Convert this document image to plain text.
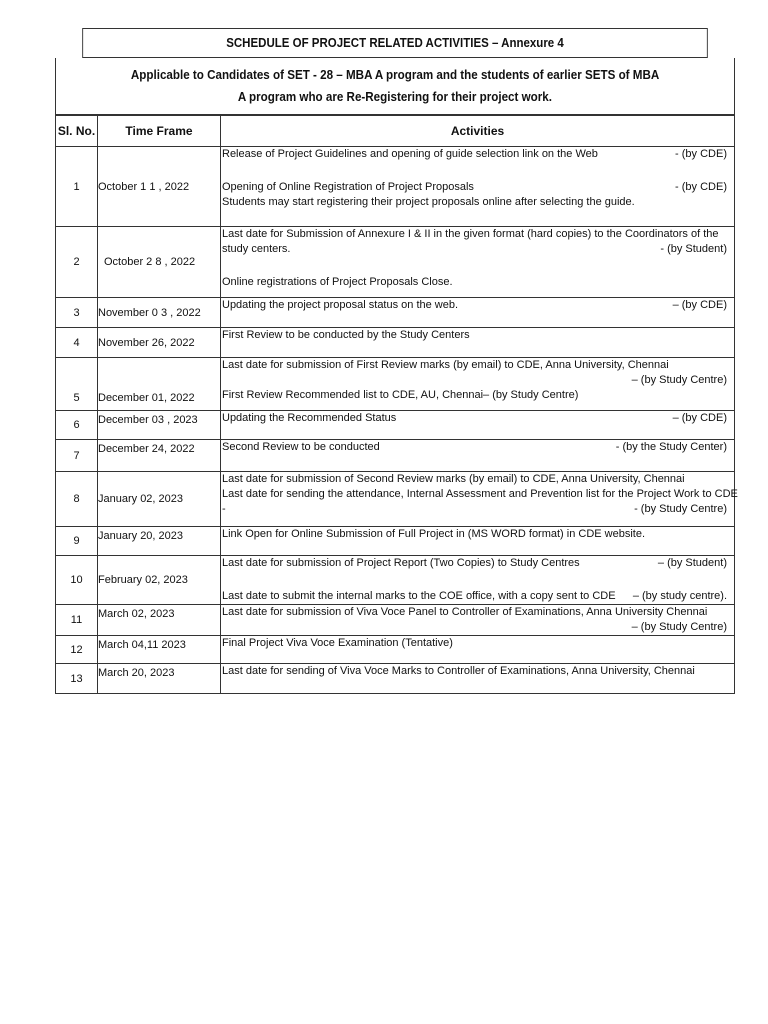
SCHEDULE OF PROJECT RELATED ACTIVITIES – Annexure 4
Applicable to Candidates of SET - 28 – MBA A program and the students of earlier SETS of MBA
A program who are Re-Registering for their project work.
Sl. No.	Time Frame	Activities
1	October 1 1 , 2022	Release of Project Guidelines and opening of guide selection link on the Web - (by CDE)
Opening of Online Registration of Project Proposals - (by CDE)
Students may start registering their project proposals online after selecting the guide.

2	October 2 8 , 2022	Last date for Submission of Annexure I & II in the given format (hard copies) to the Coordinators of the
study centers. - (by Student)
Online registrations of Project Proposals Close.

3	November 0 3 , 2022	Updating the project proposal status on the web. – (by CDE)

4	November 26, 2022	First Review to be conducted by the Study Centers

5	December 01, 2022	Last date for submission of First Review marks (by email) to CDE, Anna University, Chennai
– (by Study Centre)
First Review Recommended list to CDE, AU, Chennai– (by Study Centre)

6	December 03 , 2023	Updating the Recommended Status – (by CDE)

7	December 24, 2022	Second Review to be conducted - (by the Study Center)

8	January 02, 2023	Last date for submission of Second Review marks (by email) to CDE, Anna University, Chennai
Last date for sending the attendance, Internal Assessment and Prevention list for the Project Work to CDE
- - (by Study Centre)

9	January 20, 2023	Link Open for Online Submission of Full Project in (MS WORD format) in CDE website.

10	February 02, 2023	Last date for submission of Project Report (Two Copies) to Study Centres – (by Student)
Last date to submit the internal marks to the COE office, with a copy sent to CDE – (by study centre).

11	March 02, 2023	Last date for submission of Viva Voce Panel to Controller of Examinations, Anna University Chennai
– (by Study Centre)

12	March 04,11 2023	Final Project Viva Voce Examination (Tentative)

13	March 20, 2023	Last date for sending of Viva Voce Marks to Controller of Examinations, Anna University, Chennai
